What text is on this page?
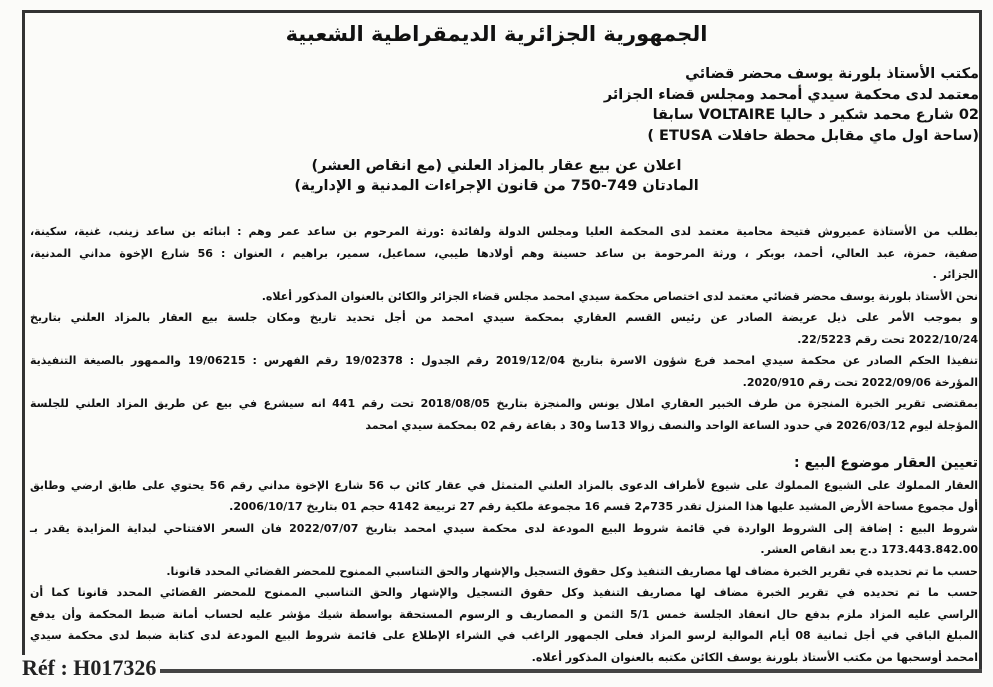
الجمهورية الجزائرية الديمقراطية الشعبية
مكتب الأستاذ بلورنة يوسف محضر قضائي
معتمد لدى محكمة سيدي أمحمد ومجلس قضاء الجزائر
02 شارع محمد شكير د حاليا VOLTAIRE سابقا
(ساحة اول ماي مقابل محطة حافلات ETUSA )
اعلان عن بيع عقار بالمزاد العلني (مع انقاص العشر)
المادتان 749-750 من قانون الإجراءات المدنية و الإدارية)
بطلب من الأستاذة عميروش فتيحة محامية معتمد لدى المحكمة العليا ومجلس الدولة ولفائدة :ورثة المرحوم بن ساعد عمر وهم : ابنائه بن ساعد زينب، غنية، سكينة،
صفية، حمزة، عبد العالي، أحمد، بوبكر ، ورثة المرحومة بن ساعد حسينة وهم أولادها طيبي، سماعيل، سمير، براهيم ، العنوان : 56 شارع الإخوة مداني المدنية،
الجزائر .
نحن الأستاذ بلورنة يوسف محضر قضائي معتمد لدى اختصاص محكمة سيدي امحمد مجلس قضاء الجزائر والكائن بالعنوان المذكور أعلاه.
و بموجب الأمر على ذيل عريضة الصادر عن رئيس القسم العقاري بمحكمة سيدي امحمد من أجل تحديد تاريخ ومكان جلسة بيع العقار بالمزاد العلني بتاريخ
2022/10/24 تحت رقم 22/5223.
تنفيذا الحكم الصادر عن محكمة سيدي امحمد فرع شؤون الاسرة بتاريخ 2019/12/04 رقم الجدول : 19/02378 رقم الفهرس : 19/06215 والممهور بالصيغة التنفيذية
المؤرخة 2022/09/06 تحت رقم 2020/910.
بمقتضى تقرير الخبرة المنجزة من طرف الخبير العقاري املال يونس والمنجزة بتاريخ 2018/08/05 تحت رقم 441 انه سيشرع في بيع عن طريق المزاد العلني للجلسة
المؤجلة ليوم 2026/03/12 في حدود الساعة الواحد والنصف زوالا 13سا و30 د بقاعة رقم 02 بمحكمة سيدي امحمد
تعيين العقار موضوع البيع :
العقار المملوك على الشيوع المملوك على شيوع لأطراف الدعوى بالمزاد العلني المتمثل في عقار كائن ب 56 شارع الإخوة مداني رقم 56 يحتوي على طابق ارضي وطابق
أول مجموع مساحة الأرض المشيد عليها هذا المنزل تقدر 735م2 قسم 16 مجموعة ملكية رقم 27 تربيعة 4142 حجم 01 بتاريخ 2006/10/17.
شروط البيع : إضافة إلى الشروط الواردة في قائمة شروط البيع المودعة لدى محكمة سيدي امحمد بتاريخ 2022/07/07 فان السعر الافتتاحي لبداية المزايدة يقدر بـ
173.443.842.00 د.ج بعد انقاص العشر.
حسب ما تم تحديده في تقرير الخبرة مضاف لها مصاريف التنفيذ وكل حقوق التسجيل والإشهار والحق التناسبي الممنوح للمحضر القضائي المحدد قانونا.
حسب ما تم تحديده في تقرير الخبرة مضاف لها مصاريف التنفيذ وكل حقوق التسجيل والإشهار والحق التناسبي الممنوح للمحضر القضائي المحدد قانونا كما أن
الراسي عليه المزاد ملزم بدفع حال انعقاد الجلسة خمس 5/1 الثمن و المصاريف و الرسوم المستحقة بواسطة شيك مؤشر عليه لحساب أمانة ضبط المحكمة وأن يدفع
المبلغ الباقي في أجل ثمانية 08 أيام الموالية لرسو المزاد فعلى الجمهور الراغب في الشراء الإطلاع على قائمة شروط البيع المودعة لدى كتابة ضبط لدى محكمة سيدي
امحمد أوسحبها من مكتب الأستاذ بلورنة يوسف الكائن مكتبه بالعنوان المذكور أعلاه.
Réf : H017326
